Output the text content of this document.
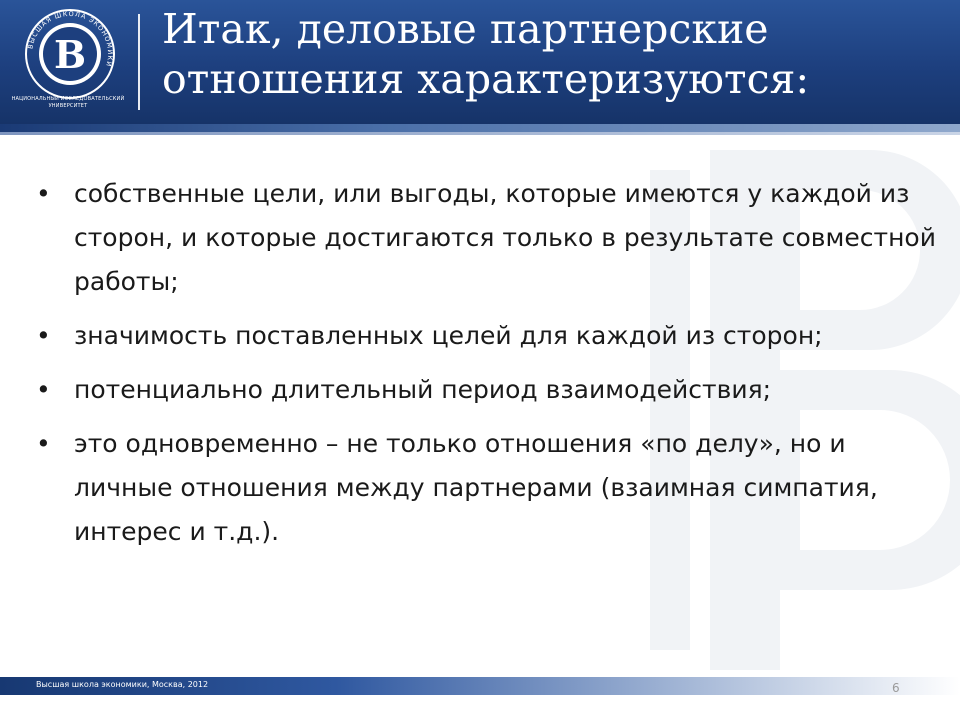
В
ВЫСШАЯ ШКОЛА ЭКОНОМИКИ
НАЦИОНАЛЬНЫЙ ИССЛЕДОВАТЕЛЬСКИЙ УНИВЕРСИТЕТ
Итак, деловые партнерские
отношения характеризуются:
• собственные цели, или выгоды, которые имеются у каждой из сторон, и которые достигаются только в результате совместной работы;
• значимость поставленных целей для каждой из сторон;
• потенциально длительный период взаимодействия;
• это одновременно – не только отношения «по делу», но и личные отношения между партнерами (взаимная симпатия, интерес и т.д.).
Высшая школа экономики, Москва, 2012	6
